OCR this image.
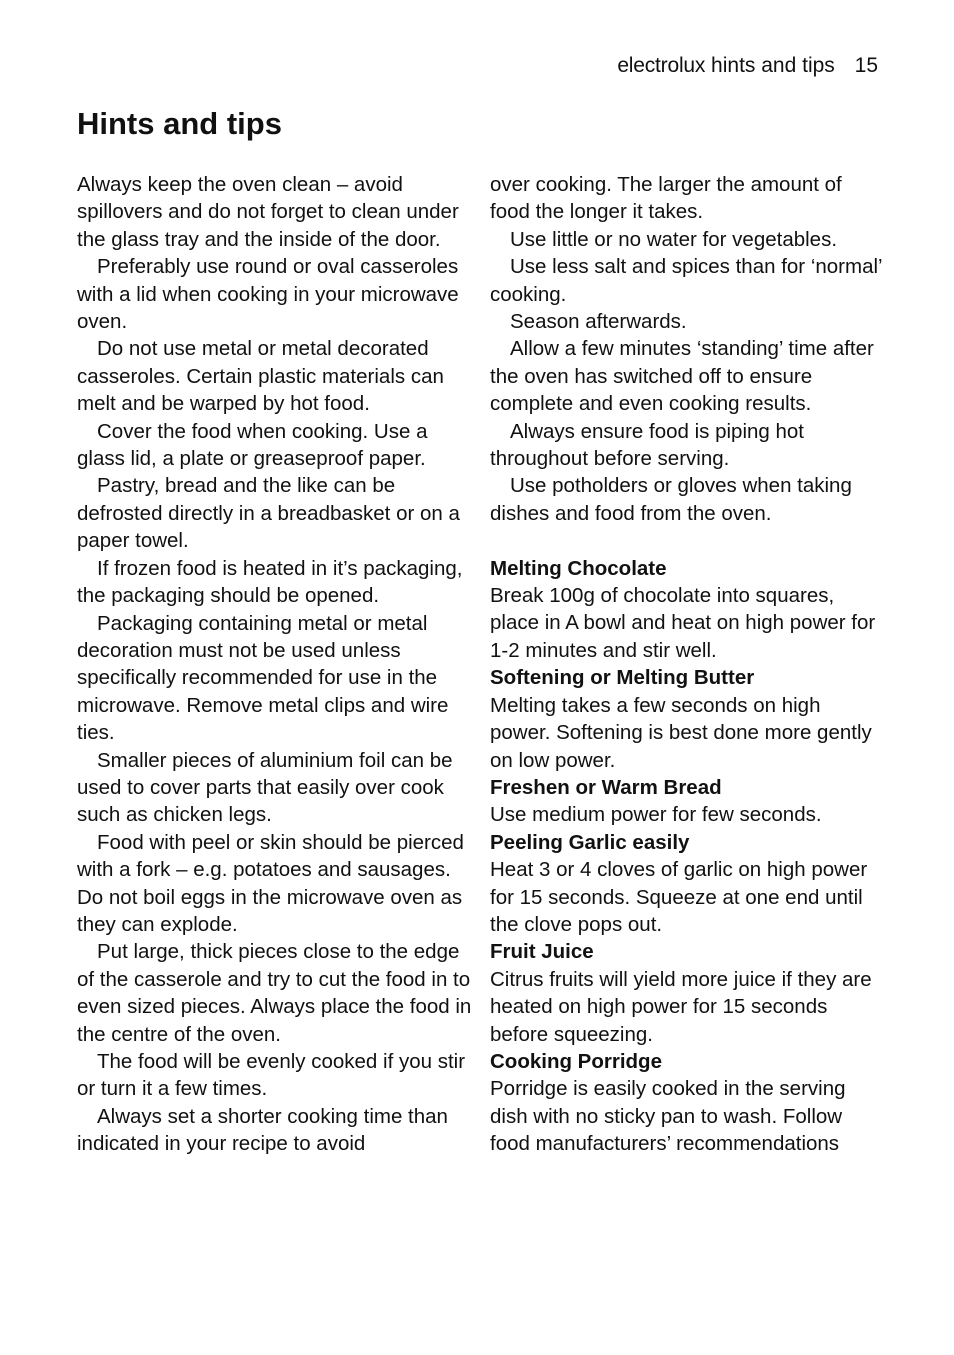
electrolux hints and tips 15
Hints and tips

Always keep the oven clean – avoid spillovers and do not forget to clean under the glass tray and the inside of the door.

Preferably use round or oval casseroles with a lid when cooking in your microwave oven.

Do not use metal or metal decorated casseroles. Certain plastic materials can melt and be warped by hot food.

Cover the food when cooking. Use a glass lid, a plate or greaseproof paper.

Pastry, bread and the like can be defrosted directly in a breadbasket or on a paper towel.

If frozen food is heated in it’s packaging, the packaging should be opened.

Packaging containing metal or metal decoration must not be used unless specifically recommended for use in the microwave. Remove metal clips and wire ties.

Smaller pieces of aluminium foil can be used to cover parts that easily over cook such as chicken legs.

Food with peel or skin should be pierced with a fork – e.g. potatoes and sausages. Do not boil eggs in the microwave oven as they can explode.

Put large, thick pieces close to the edge of the casserole and try to cut the food in to even sized pieces. Always place the food in the centre of the oven.

The food will be evenly cooked if you stir or turn it a few times.

Always set a shorter cooking time than indicated in your recipe to avoid

over cooking. The larger the amount of food the longer it takes.

Use little or no water for vegetables.

Use less salt and spices than for ‘normal’ cooking.

Season afterwards.

Allow a few minutes ‘standing’ time after the oven has switched off to ensure complete and even cooking results.

Always ensure food is piping hot throughout before serving.

Use potholders or gloves when taking dishes and food from the oven.

Melting Chocolate

Break 100g of chocolate into squares, place in A bowl and heat on high power for 1-2 minutes and stir well.

Softening or Melting Butter

Melting takes a few seconds on high power. Softening is best done more gently on low power.

Freshen or Warm Bread

Use medium power for few seconds.

Peeling Garlic easily

Heat 3 or 4 cloves of garlic on high power for 15 seconds. Squeeze at one end until the clove pops out.

Fruit Juice

Citrus fruits will yield more juice if they are heated on high power for 15 seconds before squeezing.

Cooking Porridge

Porridge is easily cooked in the serving dish with no sticky pan to wash. Follow food manufacturers’ recommendations
